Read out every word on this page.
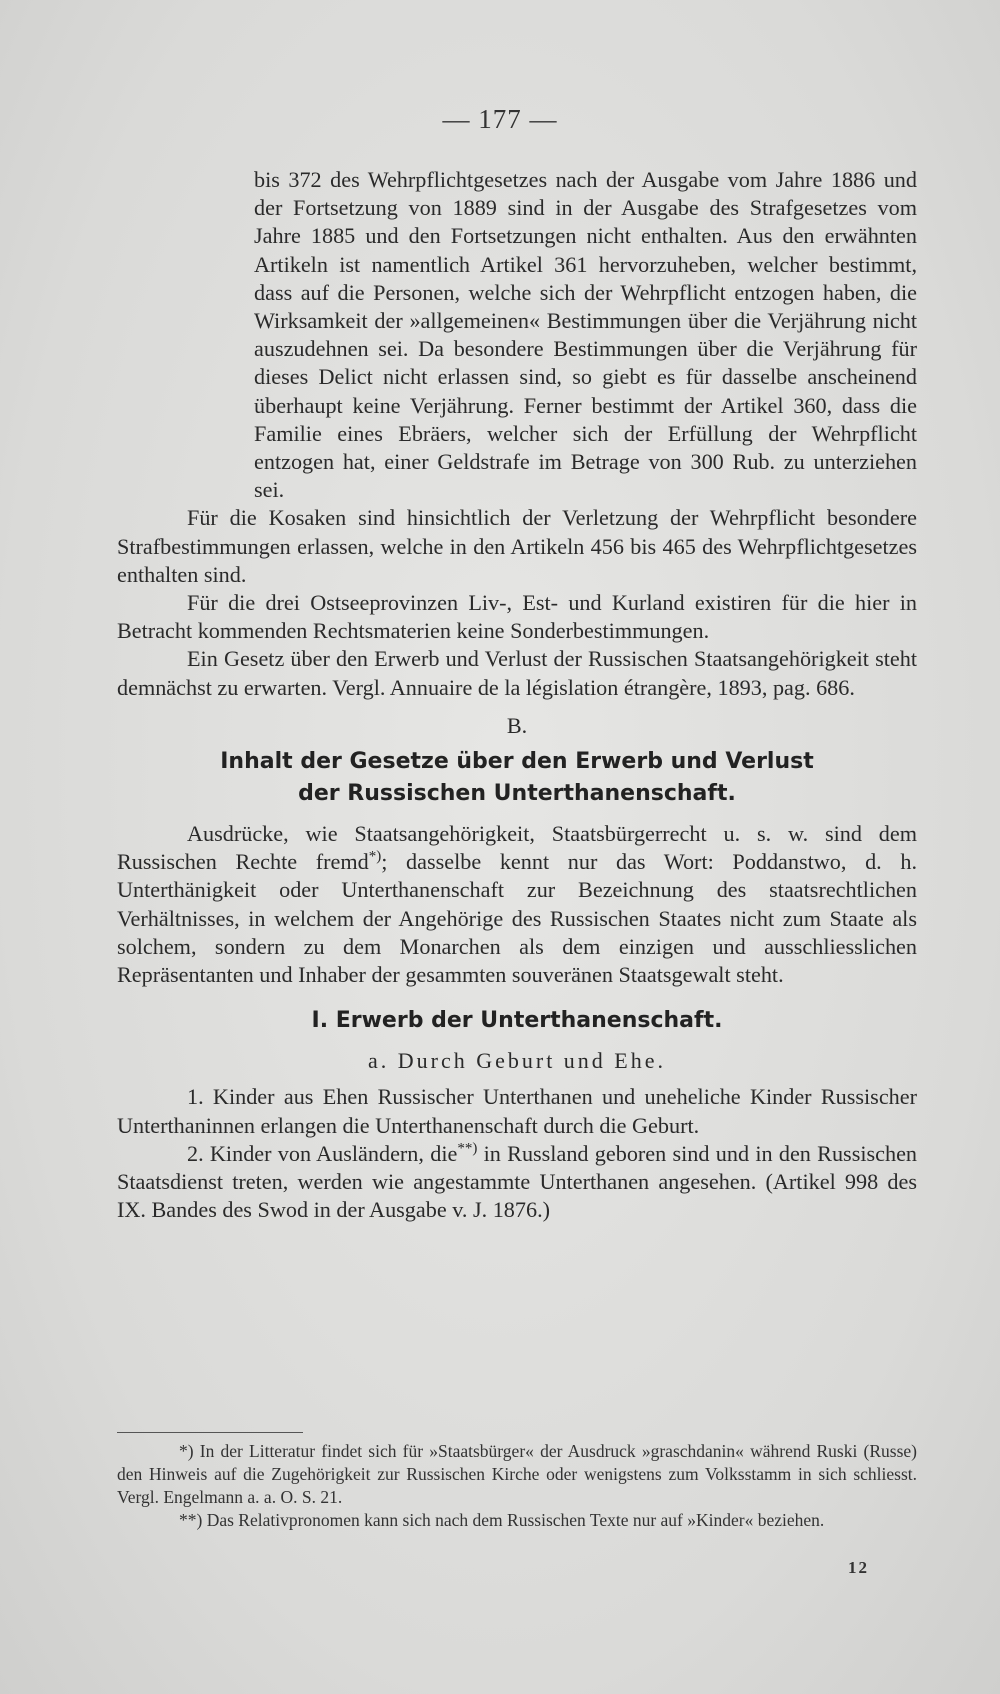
— 177 —

bis 372 des Wehrpflichtgesetzes nach der Ausgabe vom Jahre 1886 und der Fortsetzung von 1889 sind in der Ausgabe des Strafgesetzes vom Jahre 1885 und den Fortsetzungen nicht enthalten. Aus den erwähnten Artikeln ist namentlich Artikel 361 hervorzuheben, welcher bestimmt, dass auf die Personen, welche sich der Wehrpflicht entzogen haben, die Wirksamkeit der »allgemeinen« Bestimmungen über die Verjährung nicht auszudehnen sei. Da besondere Bestimmungen über die Verjährung für dieses Delict nicht erlassen sind, so giebt es für dasselbe anscheinend überhaupt keine Verjährung. Ferner bestimmt der Artikel 360, dass die Familie eines Ebräers, welcher sich der Erfüllung der Wehrpflicht entzogen hat, einer Geldstrafe im Betrage von 300 Rub. zu unterziehen sei.

Für die Kosaken sind hinsichtlich der Verletzung der Wehrpflicht besondere Strafbestimmungen erlassen, welche in den Artikeln 456 bis 465 des Wehrpflichtgesetzes enthalten sind.

Für die drei Ostseeprovinzen Liv-, Est- und Kurland existiren für die hier in Betracht kommenden Rechtsmaterien keine Sonderbestimmungen.

Ein Gesetz über den Erwerb und Verlust der Russischen Staatsangehörigkeit steht demnächst zu erwarten. Vergl. Annuaire de la législation étrangère, 1893, pag. 686.

B.

Inhalt der Gesetze über den Erwerb und Verlust
der Russischen Unterthanenschaft.

Ausdrücke, wie Staatsangehörigkeit, Staatsbürgerrecht u. s. w. sind dem Russischen Rechte fremd*); dasselbe kennt nur das Wort: Poddanstwo, d. h. Unterthänigkeit oder Unterthanenschaft zur Bezeichnung des staatsrechtlichen Verhältnisses, in welchem der Angehörige des Russischen Staates nicht zum Staate als solchem, sondern zu dem Monarchen als dem einzigen und ausschliesslichen Repräsentanten und Inhaber der gesammten souveränen Staatsgewalt steht.

I. Erwerb der Unterthanenschaft.

a. Durch Geburt und Ehe.

1. Kinder aus Ehen Russischer Unterthanen und uneheliche Kinder Russischer Unterthaninnen erlangen die Unterthanenschaft durch die Geburt.

2. Kinder von Ausländern, die**) in Russland geboren sind und in den Russischen Staatsdienst treten, werden wie angestammte Unterthanen angesehen. (Artikel 998 des IX. Bandes des Swod in der Ausgabe v. J. 1876.)

*) In der Litteratur findet sich für »Staatsbürger« der Ausdruck »graschdanin« während Ruski (Russe) den Hinweis auf die Zugehörigkeit zur Russischen Kirche oder wenigstens zum Volksstamm in sich schliesst. Vergl. Engelmann a. a. O. S. 21.

**) Das Relativpronomen kann sich nach dem Russischen Texte nur auf »Kinder« beziehen.

12
